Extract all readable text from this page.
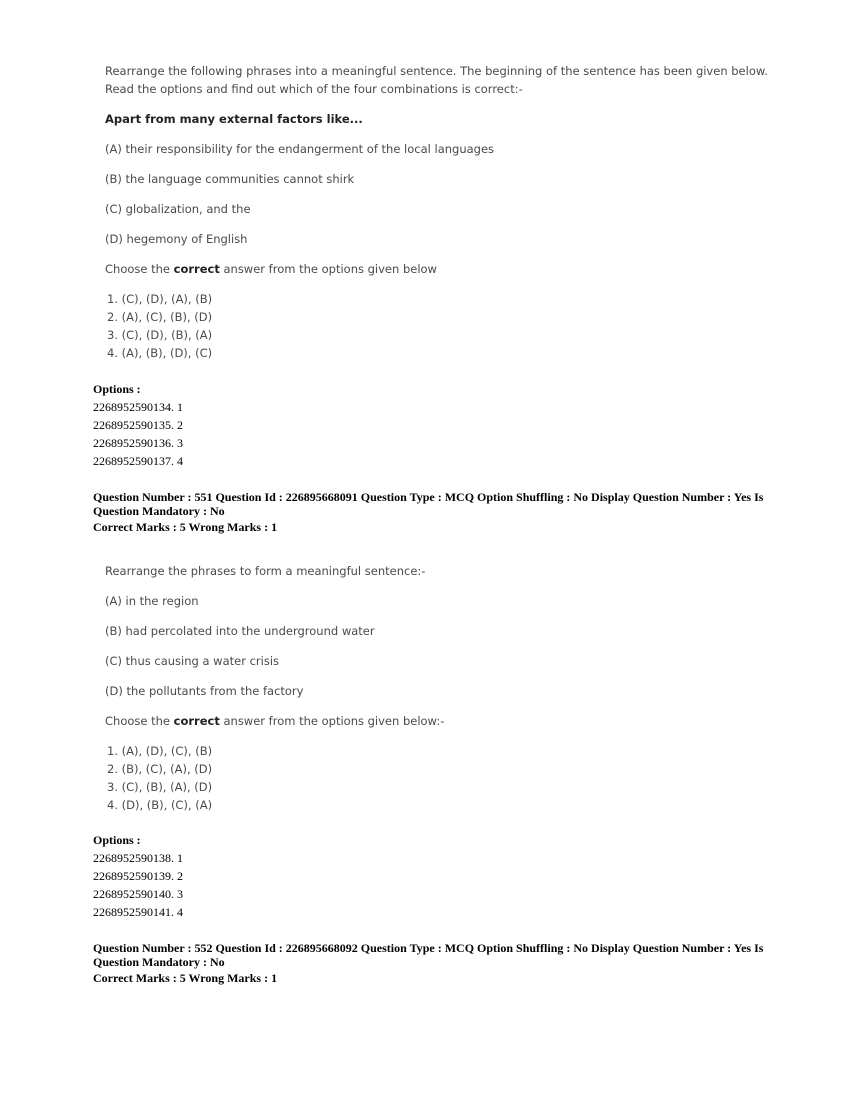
Rearrange the following phrases into a meaningful sentence. The beginning of the sentence has been given below.

Read the options and find out which of the four combinations is correct:-

Apart from many external factors like...

(A) their responsibility for the endangerment of the local languages

(B) the language communities cannot shirk

(C) globalization, and the

(D) hegemony of English

Choose the correct answer from the options given below

1. (C), (D), (A), (B)
2. (A), (C), (B), (D)
3. (C), (D), (B), (A)
4. (A), (B), (D), (C)

Options :

2268952590134. 1

2268952590135. 2

2268952590136. 3

2268952590137. 4

Question Number : 551 Question Id : 226895668091 Question Type : MCQ Option Shuffling : No Display Question Number : Yes Is

Question Mandatory : No

Correct Marks : 5 Wrong Marks : 1

Rearrange the phrases to form a meaningful sentence:-

(A) in the region

(B) had percolated into the underground water

(C) thus causing a water crisis

(D) the pollutants from the factory

Choose the correct answer from the options given below:-

1. (A), (D), (C), (B)
2. (B), (C), (A), (D)
3. (C), (B), (A), (D)
4. (D), (B), (C), (A)

Options :

2268952590138. 1

2268952590139. 2

2268952590140. 3

2268952590141. 4

Question Number : 552 Question Id : 226895668092 Question Type : MCQ Option Shuffling : No Display Question Number : Yes Is

Question Mandatory : No

Correct Marks : 5 Wrong Marks : 1
